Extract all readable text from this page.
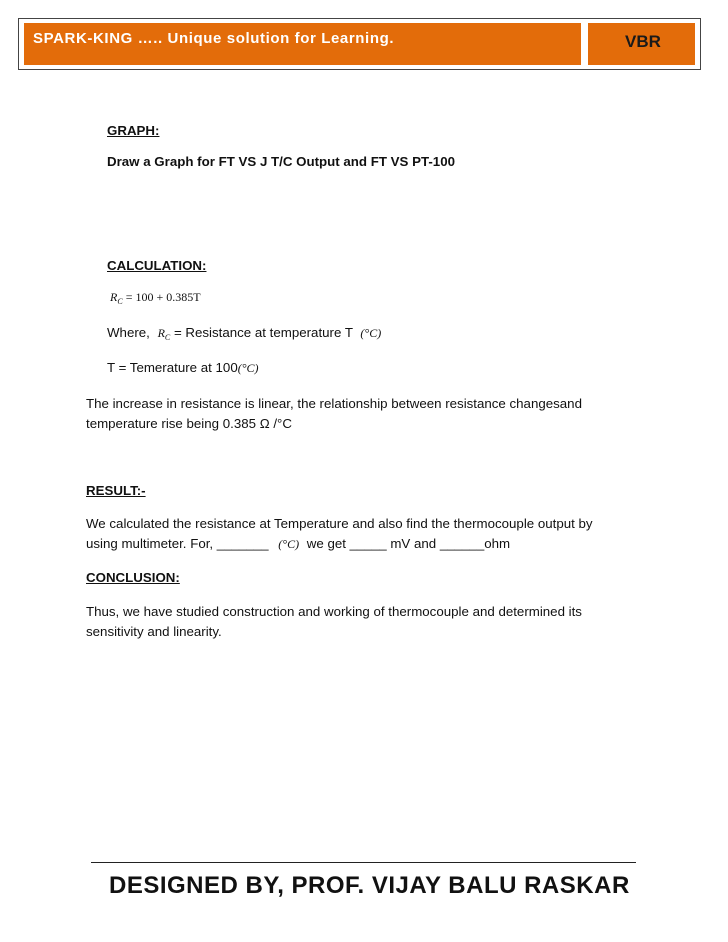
SPARK-KING ….. Unique solution for Learning.	VBR
GRAPH:
Draw a Graph for FT VS J T/C Output and FT VS PT-100
CALCULATION:
$R_C = 100 + 0.385T$
Where, $R_C$ = Resistance at temperature T (°C)
T = Temerature at 100(°C)
The increase in resistance is linear, the relationship between resistance changesand
temperature rise being 0.385 Ω /°C
RESULT:-
We calculated the resistance at Temperature and also find the thermocouple output by
using multimeter. For, _______ (°C) we get _____ mV and ______ohm
CONCLUSION:
Thus, we have studied construction and working of thermocouple and determined its
sensitivity and linearity.
DESIGNED BY, PROF. VIJAY BALU RASKAR
